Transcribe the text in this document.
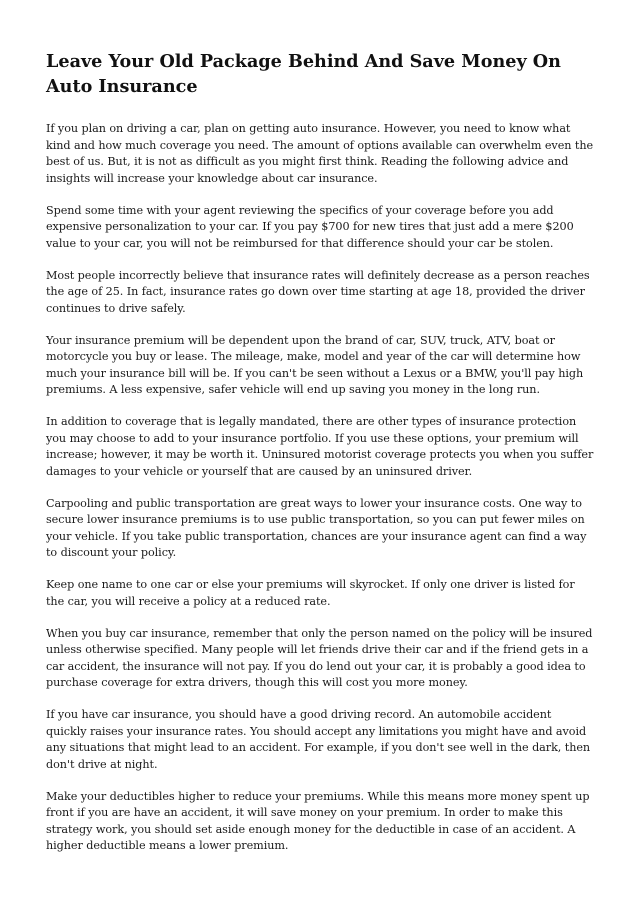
Leave Your Old Package Behind And Save Money On Auto Insurance

If you plan on driving a car, plan on getting auto insurance. However, you need to know what kind and how much coverage you need. The amount of options available can overwhelm even the best of us. But, it is not as difficult as you might first think. Reading the following advice and insights will increase your knowledge about car insurance.

Spend some time with your agent reviewing the specifics of your coverage before you add expensive personalization to your car. If you pay $700 for new tires that just add a mere $200 value to your car, you will not be reimbursed for that difference should your car be stolen.

Most people incorrectly believe that insurance rates will definitely decrease as a person reaches the age of 25. In fact, insurance rates go down over time starting at age 18, provided the driver continues to drive safely.

Your insurance premium will be dependent upon the brand of car, SUV, truck, ATV, boat or motorcycle you buy or lease. The mileage, make, model and year of the car will determine how much your insurance bill will be. If you can't be seen without a Lexus or a BMW, you'll pay high premiums. A less expensive, safer vehicle will end up saving you money in the long run.

In addition to coverage that is legally mandated, there are other types of insurance protection you may choose to add to your insurance portfolio. If you use these options, your premium will increase; however, it may be worth it. Uninsured motorist coverage protects you when you suffer damages to your vehicle or yourself that are caused by an uninsured driver.

Carpooling and public transportation are great ways to lower your insurance costs. One way to secure lower insurance premiums is to use public transportation, so you can put fewer miles on your vehicle. If you take public transportation, chances are your insurance agent can find a way to discount your policy.

Keep one name to one car or else your premiums will skyrocket. If only one driver is listed for the car, you will receive a policy at a reduced rate.

When you buy car insurance, remember that only the person named on the policy will be insured unless otherwise specified. Many people will let friends drive their car and if the friend gets in a car accident, the insurance will not pay. If you do lend out your car, it is probably a good idea to purchase coverage for extra drivers, though this will cost you more money.

If you have car insurance, you should have a good driving record. An automobile accident quickly raises your insurance rates. You should accept any limitations you might have and avoid any situations that might lead to an accident. For example, if you don't see well in the dark, then don't drive at night.

Make your deductibles higher to reduce your premiums. While this means more money spent up front if you are have an accident, it will save money on your premium. In order to make this strategy work, you should set aside enough money for the deductible in case of an accident. A higher deductible means a lower premium.
